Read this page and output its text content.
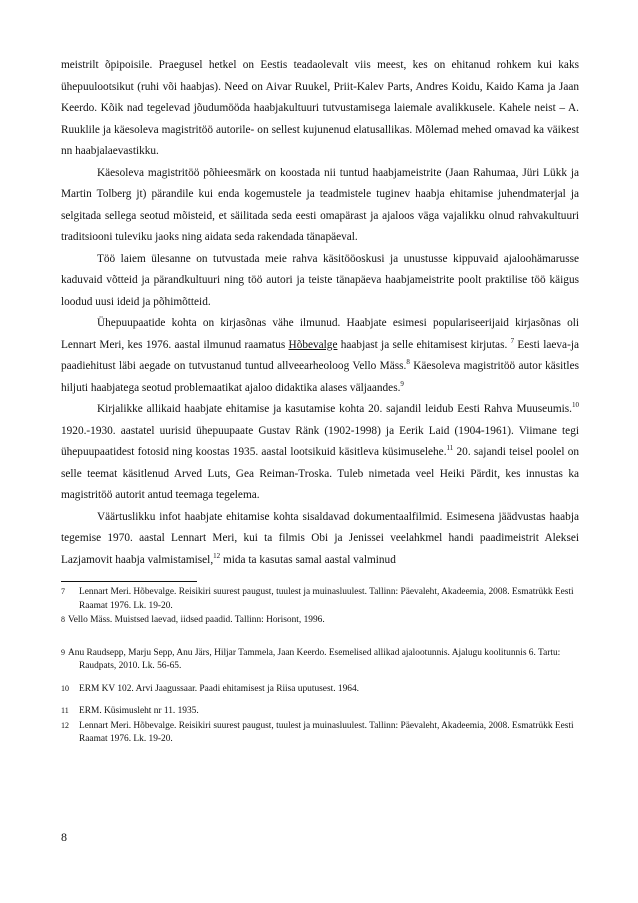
meistrilt õpipoisile. Praegusel hetkel on Eestis teadaolevalt viis meest, kes on ehitanud rohkem kui kaks ühepuulootsikut (ruhi või haabjas). Need on Aivar Ruukel, Priit-Kalev Parts, Andres Koidu, Kaido Kama ja Jaan Keerdo. Kõik nad tegelevad jõudumööda haabjakultuuri tutvustamisega laiemale avalikkusele. Kahele neist – A. Ruuklile ja käesoleva magistritöö autorile- on sellest kujunenud elatusallikas. Mõlemad mehed omavad ka väikest nn haabjalaevastikku.

Käesoleva magistritöö põhieesmärk on koostada nii tuntud haabjameistrite (Jaan Rahumaa, Jüri Lükk ja Martin Tolberg jt) pärandile kui enda kogemustele ja teadmistele tuginev haabja ehitamise juhendmaterjal ja selgitada sellega seotud mõisteid, et säilitada seda eesti omapärast ja ajaloos väga vajalikku olnud rahvakultuuri traditsiooni tuleviku jaoks ning aidata seda rakendada tänapäeval.

Töö laiem ülesanne on tutvustada meie rahva käsitööoskusi ja unustusse kippuvaid ajaloohämarusse kaduvaid võtteid ja pärandkultuuri ning töö autori ja teiste tänapäeva haabjameistrite poolt praktilise töö käigus loodud uusi ideid ja põhimõtteid.

Ühepuupaatide kohta on kirjasõnas vähe ilmunud. Haabjate esimesi populariseerijaid kirjasõnas oli Lennart Meri, kes 1976. aastal ilmunud raamatus Hõbevalge haabjast ja selle ehitamisest kirjutas. $^7$ Eesti laeva-ja paadiehitust läbi aegade on tutvustanud tuntud allveearheoloog Vello Mäss.$^8$ Käesoleva magistritöö autor käsitles hiljuti haabjatega seotud problemaatikat ajaloo didaktika alases väljaandes.$^9$

Kirjalikke allikaid haabjate ehitamise ja kasutamise kohta 20. sajandil leidub Eesti Rahva Muuseumis.$^{10}$ 1920.-1930. aastatel uurisid ühepuupaate Gustav Ränk (1902-1998) ja Eerik Laid (1904-1961). Viimane tegi ühepuupaatidest fotosid ning koostas 1935. aastal lootsikuid käsitleva küsimuselehe.$^{11}$ 20. sajandi teisel poolel on selle teemat käsitlenud Arved Luts, Gea Reiman-Troska. Tuleb nimetada veel Heiki Pärdit, kes innustas ka magistritöö autorit antud teemaga tegelema.

Väärtuslikku infot haabjate ehitamise kohta sisaldavad dokumentaalfilmid. Esimesena jäädvustas haabja tegemise 1970. aastal Lennart Meri, kui ta filmis Obi ja Jenissei veelahkmel handi paadimeistrit Aleksei Lazjamovit haabja valmistamisel,$^{12}$ mida ta kasutas samal aastal valminud

7 Lennart Meri. Hõbevalge. Reisikiri suurest paugust, tuulest ja muinasluulest. Tallinn: Päevaleht, Akadeemia, 2008. Esmatrükk Eesti Raamat 1976. Lk. 19-20.

8 Vello Mäss. Muistsed laevad, iidsed paadid. Tallinn: Horisont, 1996.

9 Anu Raudsepp, Marju Sepp, Anu Järs, Hiljar Tammela, Jaan Keerdo. Esemelised allikad ajalootunnis. Ajalugu koolitunnis 6. Tartu: Raudpats, 2010. Lk. 56-65.

10 ERM KV 102. Arvi Jaagussaar. Paadi ehitamisest ja Riisa uputusest. 1964.

11 ERM. Küsimusleht nr 11. 1935.

12 Lennart Meri. Hõbevalge. Reisikiri suurest paugust, tuulest ja muinasluulest. Tallinn: Päevaleht, Akadeemia, 2008. Esmatrükk Eesti Raamat 1976. Lk. 19-20.

8
